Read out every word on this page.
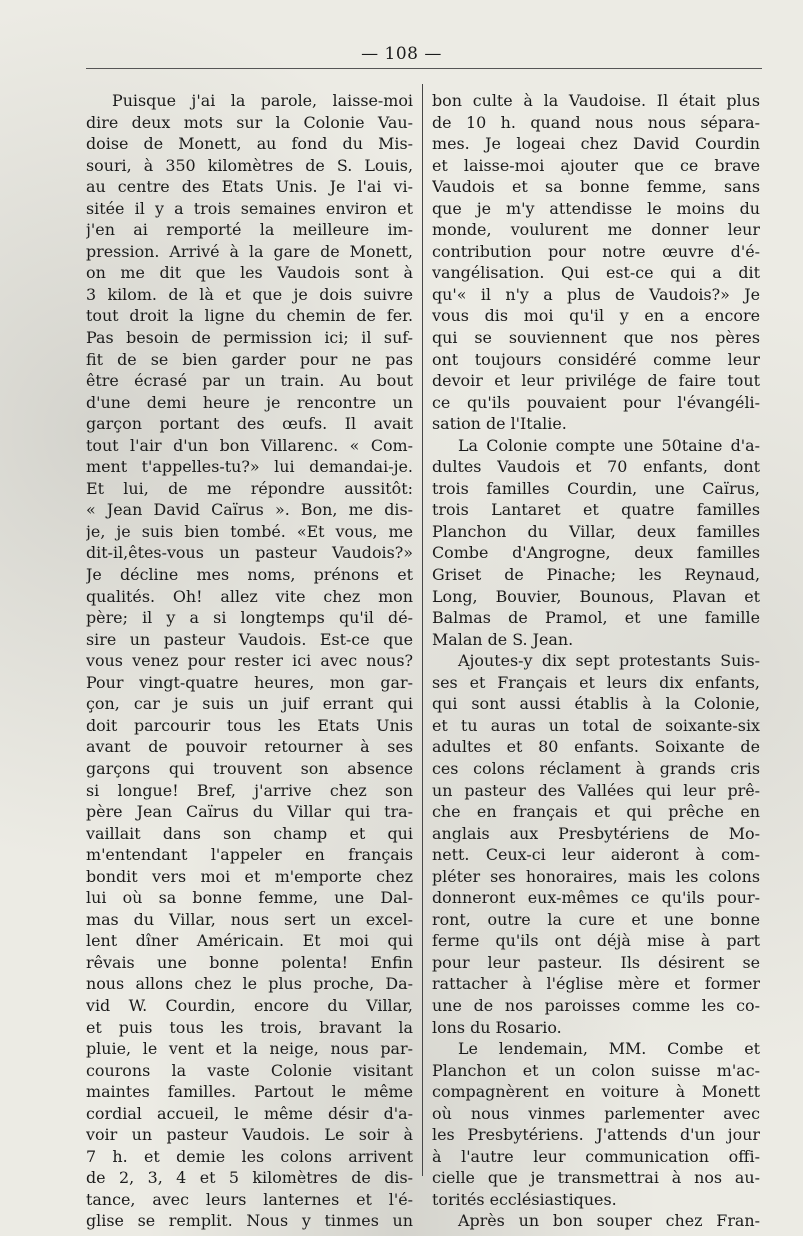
— 108 —
Puisque j'ai la parole, laisse-moi
dire deux mots sur la Colonie Vau-
doise de Monett, au fond du Mis-
souri, à 350 kilomètres de S. Louis,
au centre des Etats Unis. Je l'ai vi-
sitée il y a trois semaines environ et
j'en ai remporté la meilleure im-
pression. Arrivé à la gare de Monett,
on me dit que les Vaudois sont à
3 kilom. de là et que je dois suivre
tout droit la ligne du chemin de fer.
Pas besoin de permission ici; il suf-
fit de se bien garder pour ne pas
être écrasé par un train. Au bout
d'une demi heure je rencontre un
garçon portant des œufs. Il avait
tout l'air d'un bon Villarenc. « Com-
ment t'appelles-tu?» lui demandai-je.
Et lui, de me répondre aussitôt:
« Jean David Caïrus ». Bon, me dis-
je, je suis bien tombé. «Et vous, me
dit-il,êtes-vous un pasteur Vaudois?»
Je décline mes noms, prénons et
qualités. Oh! allez vite chez mon
père; il y a si longtemps qu'il dé-
sire un pasteur Vaudois. Est-ce que
vous venez pour rester ici avec nous?
Pour vingt-quatre heures, mon gar-
çon, car je suis un juif errant qui
doit parcourir tous les Etats Unis
avant de pouvoir retourner à ses
garçons qui trouvent son absence
si longue! Bref, j'arrive chez son
père Jean Caïrus du Villar qui tra-
vaillait dans son champ et qui
m'entendant l'appeler en français
bondit vers moi et m'emporte chez
lui où sa bonne femme, une Dal-
mas du Villar, nous sert un excel-
lent dîner Américain. Et moi qui
rêvais une bonne polenta! Enfin
nous allons chez le plus proche, Da-
vid W. Courdin, encore du Villar,
et puis tous les trois, bravant la
pluie, le vent et la neige, nous par-
courons la vaste Colonie visitant
maintes familles. Partout le même
cordial accueil, le même désir d'a-
voir un pasteur Vaudois. Le soir à
7 h. et demie les colons arrivent
de 2, 3, 4 et 5 kilomètres de dis-
tance, avec leurs lanternes et l'é-
glise se remplit. Nous y tinmes un
bon culte à la Vaudoise. Il était plus
de 10 h. quand nous nous sépara-
mes. Je logeai chez David Courdin
et laisse-moi ajouter que ce brave
Vaudois et sa bonne femme, sans
que je m'y attendisse le moins du
monde, voulurent me donner leur
contribution pour notre œuvre d'é-
vangélisation. Qui est-ce qui a dit
qu'« il n'y a plus de Vaudois?» Je
vous dis moi qu'il y en a encore
qui se souviennent que nos pères
ont toujours considéré comme leur
devoir et leur privilége de faire tout
ce qu'ils pouvaient pour l'évangéli-
sation de l'Italie.
La Colonie compte une 50taine d'a-
dultes Vaudois et 70 enfants, dont
trois familles Courdin, une Caïrus,
trois Lantaret et quatre familles
Planchon du Villar, deux familles
Combe d'Angrogne, deux familles
Griset de Pinache; les Reynaud,
Long, Bouvier, Bounous, Plavan et
Balmas de Pramol, et une famille
Malan de S. Jean.
Ajoutes-y dix sept protestants Suis-
ses et Français et leurs dix enfants,
qui sont aussi établis à la Colonie,
et tu auras un total de soixante-six
adultes et 80 enfants. Soixante de
ces colons réclament à grands cris
un pasteur des Vallées qui leur prê-
che en français et qui prêche en
anglais aux Presbytériens de Mo-
nett. Ceux-ci leur aideront à com-
pléter ses honoraires, mais les colons
donneront eux-mêmes ce qu'ils pour-
ront, outre la cure et une bonne
ferme qu'ils ont déjà mise à part
pour leur pasteur. Ils désirent se
rattacher à l'église mère et former
une de nos paroisses comme les co-
lons du Rosario.
Le lendemain, MM. Combe et
Planchon et un colon suisse m'ac-
compagnèrent en voiture à Monett
où nous vinmes parlementer avec
les Presbytériens. J'attends d'un jour
à l'autre leur communication offi-
cielle que je transmettrai à nos au-
torités ecclésiastiques.
Après un bon souper chez Fran-
